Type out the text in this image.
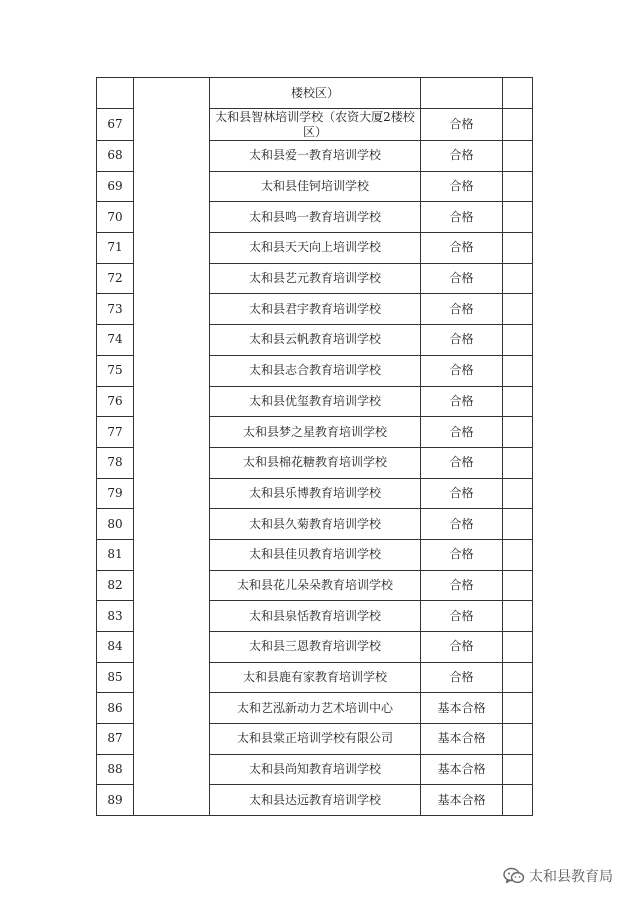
		楼校区）		
67		太和县智林培训学校（农资大厦2楼校区）	合格	
68		太和县爱一教育培训学校	合格	
69		太和县佳钶培训学校	合格	
70		太和县鸣一教育培训学校	合格	
71		太和县天天向上培训学校	合格	
72		太和县艺元教育培训学校	合格	
73		太和县君宇教育培训学校	合格	
74		太和县云帆教育培训学校	合格	
75		太和县志合教育培训学校	合格	
76		太和县优玺教育培训学校	合格	
77		太和县梦之星教育培训学校	合格	
78		太和县棉花糖教育培训学校	合格	
79		太和县乐博教育培训学校	合格	
80		太和县久菊教育培训学校	合格	
81		太和县佳贝教育培训学校	合格	
82		太和县花儿朵朵教育培训学校	合格	
83		太和县泉恬教育培训学校	合格	
84		太和县三恩教育培训学校	合格	
85		太和县鹿有家教育培训学校	合格	
86		太和艺泓新动力艺术培训中心	基本合格	
87		太和县棠正培训学校有限公司	基本合格	
88		太和县尚知教育培训学校	基本合格	
89		太和县达远教育培训学校	基本合格	
太和县教育局
